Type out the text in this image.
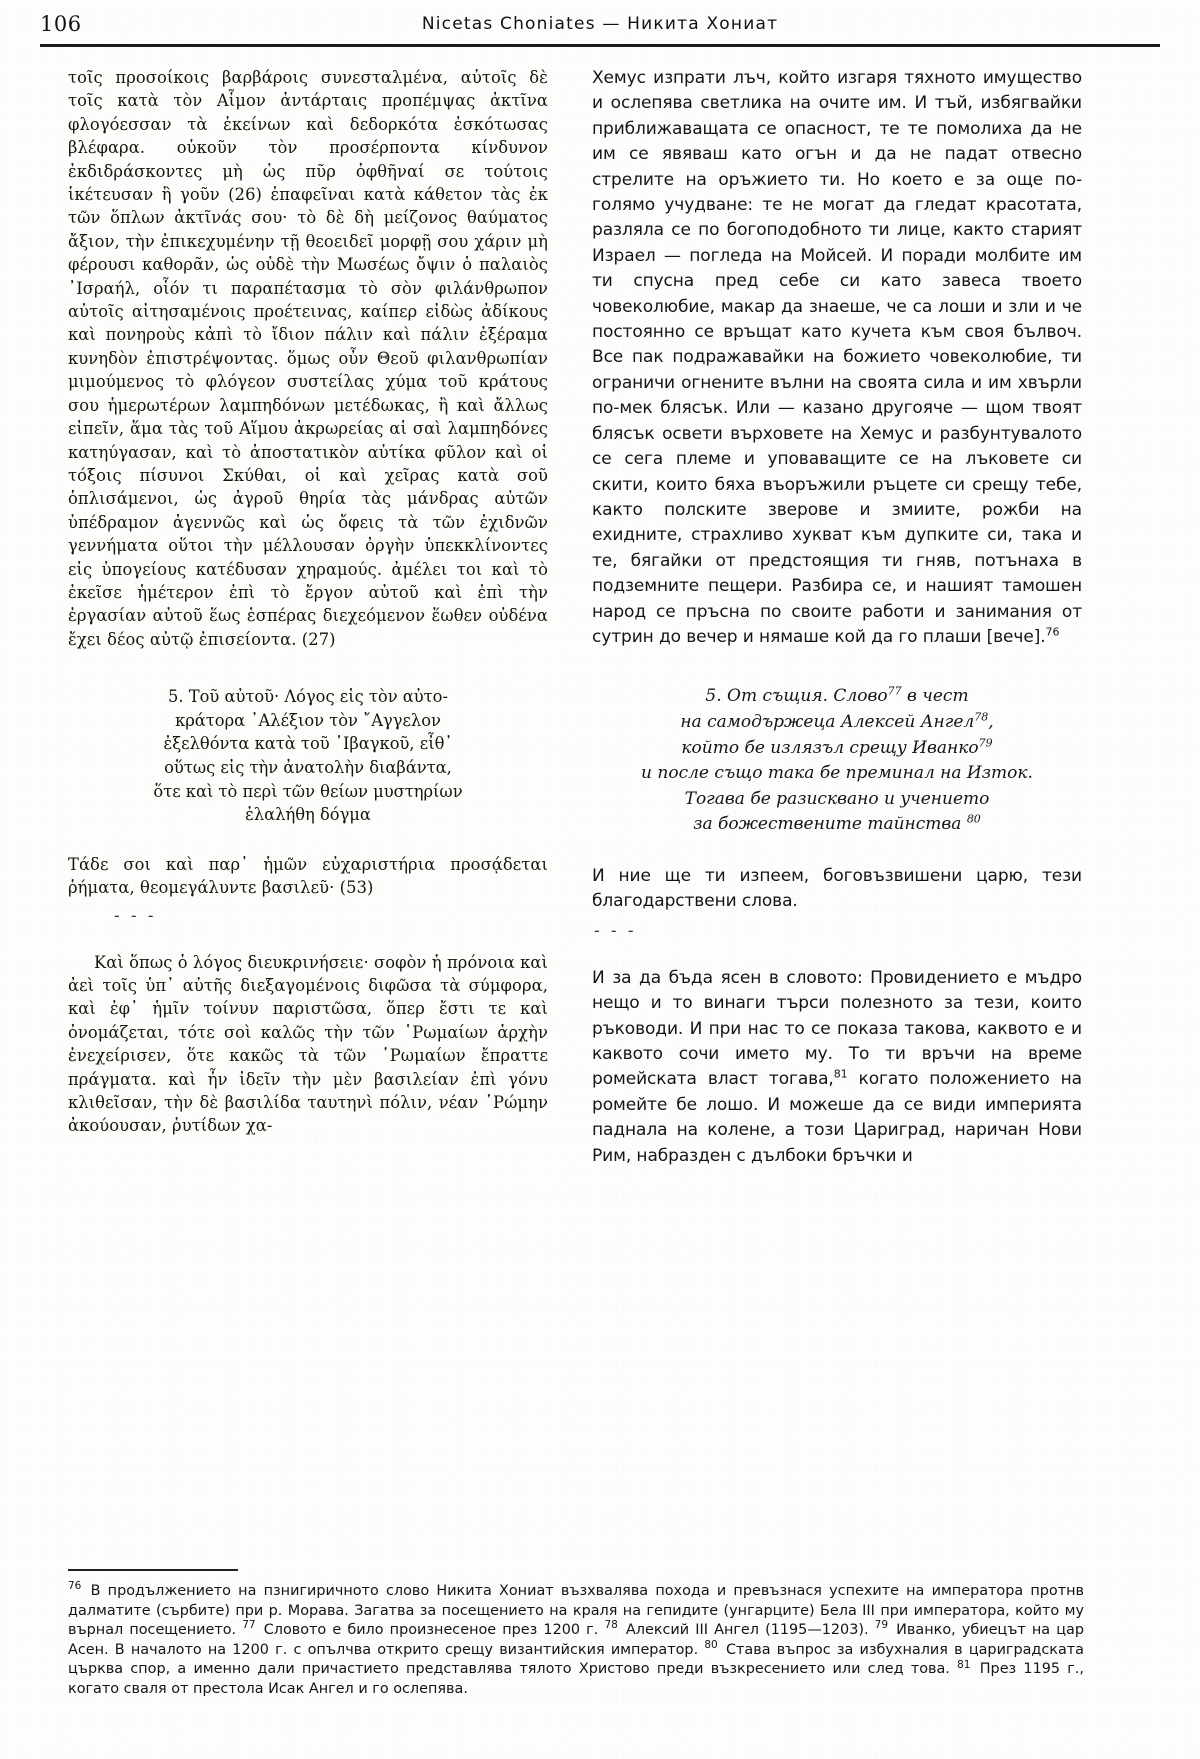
106	Nicetas Choniates — Никита Хониат

τοῖς προσοίκοις βαρβάροις συνεσταλμένα, αὐτοῖς δὲ τοῖς κατὰ τὸν Αἷμον ἀντάρταις προπέμψας ἀκτῖνα φλογόεσσαν τὰ ἐκείνων καὶ δεδορκότα ἐσκότωσας βλέφαρα. οὐκοῦν τὸν προσέρποντα κίνδυνον ἐκδιδράσκοντες μὴ ὡς πῦρ ὀφθῆναί σε τούτοις ἱκέτευσαν ἢ γοῦν (26) ἐπαφεῖναι κατὰ κάθετον τὰς ἐκ τῶν ὅπλων ἀκτῖνάς σου· τὸ δὲ δὴ μείζονος θαύματος ἄξιον, τὴν ἐπικεχυμένην τῇ θεοειδεῖ μορφῇ σου χάριν μὴ φέρουσι καθορᾶν, ὡς οὐδὲ τὴν Μωσέως ὄψιν ὁ παλαιὸς ᾿Ισραήλ, οἷόν τι παραπέτασμα τὸ σὸν φιλάνθρωπον αὐτοῖς αἰτησαμένοις προέτεινας, καίπερ εἰδὼς ἀδίκους καὶ πονηροὺς κἀπὶ τὸ ἴδιον πάλιν καὶ πάλιν ἐξέραμα κυνηδὸν ἐπιστρέψοντας. ὅμως οὖν Θεοῦ φιλανθρωπίαν μιμούμενος τὸ φλόγεον συστείλας χύμα τοῦ κράτους σου ἡμερωτέρων λαμπηδόνων μετέδωκας, ἢ καὶ ἄλλως εἰπεῖν, ἅμα τὰς τοῦ Αἵμου ἀκρωρείας αἱ σαὶ λαμπηδόνες κατηύγασαν, καὶ τὸ ἀποστατικὸν αὐτίκα φῦλον καὶ οἱ τόξοις πίσυνοι Σκύθαι, οἱ καὶ χεῖρας κατὰ σοῦ ὁπλισάμενοι, ὡς ἀγροῦ θηρία τὰς μάνδρας αὐτῶν ὑπέδραμον ἀγεννῶς καὶ ὡς ὄφεις τὰ τῶν ἐχιδνῶν γεννήματα οὕτοι τὴν μέλλουσαν ὀργὴν ὑπεκκλίνοντες εἰς ὑπογείους κατέδυσαν χηραμούς. ἀμέλει τοι καὶ τὸ ἐκεῖσε ἡμέτερον ἐπὶ τὸ ἔργον αὐτοῦ καὶ ἐπὶ τὴν ἐργασίαν αὐτοῦ ἕως ἑσπέρας διεχεόμενον ἕωθεν οὐδένα ἔχει δέος αὐτῷ ἐπισείοντα. (27)

5. Τοῦ αὐτοῦ· Λόγος εἰς τὸν αὐτο-
κράτορα ᾿Αλέξιον τὸν ῎Αγγελον
ἐξελθόντα κατὰ τοῦ ᾿Ιβαγκοῦ, εἶθ᾿
οὕτως εἰς τὴν ἀνατολὴν διαβάντα,
ὅτε καὶ τὸ περὶ τῶν θείων μυστηρίων
ἐλαλήθη δόγμα

Τάδε σοι καὶ παρ᾿ ἡμῶν εὐχαριστήρια προσᾴδεται ῥήματα, θεομεγάλυντε βασιλεῦ· (53)

- - -

Καὶ ὅπως ὁ λόγος διευκρινήσειε· σοφὸν ἡ πρόνοια καὶ ἀεὶ τοῖς ὑπ᾿ αὐτῆς διεξαγομένοις διφῶσα τὰ σύμφορα, καὶ ἐφ᾿ ἡμῖν τοίνυν παριστῶσα, ὅπερ ἔστι τε καὶ ὀνομάζεται, τότε σοὶ καλῶς τὴν τῶν ῾Ρωμαίων ἀρχὴν ἐνεχείρισεν, ὅτε κακῶς τὰ τῶν ῾Ρωμαίων ἔπραττε πράγματα. καὶ ἦν ἰδεῖν τὴν μὲν βασιλείαν ἐπὶ γόνυ κλιθεῖσαν, τὴν δὲ βασιλίδα ταυτηνὶ πόλιν, νέαν ῾Ρώμην ἀκούουσαν, ῥυτίδων χα-

Хемус изпрати лъч, който изгаря тяхното имущество и ослепява светлика на очите им. И тъй, избягвайки приближаващата се опасност, те те помолиха да не им се явяваш като огън и да не падат отвесно стрелите на оръжието ти. Но което е за още по-голямо учудване: те не могат да гледат красотата, разляла се по богоподобното ти лице, както старият Израел — погледа на Мойсей. И поради молбите им ти спусна пред себе си като завеса твоето човеколюбие, макар да знаеше, че са лоши и зли и че постоянно се връщат като кучета към своя бълвоч. Все пак подражавайки на божието човеколюбие, ти ограничи огнените вълни на своята сила и им хвърли по-мек блясък. Или — казано другояче — щом твоят блясък освети върховете на Хемус и разбунтувалото се сега племе и уповаващите се на лъковете си скити, които бяха въоръжили ръцете си срещу тебе, както полските зверове и змиите, рожби на ехидните, страхливо хукват към дупките си, така и те, бягайки от предстоящия ти гняв, потънаха в подземните пещери. Разбира се, и нашият тамошен народ се пръсна по своите работи и занимания от сутрин до вечер и нямаше кой да го плаши [вече].$^{76}$

5. От същия. Слово$^{77}$ в чест
на самодържеца Алексей Ангел$^{78}$,
който бе излязъл срещу Иванко$^{79}$
и после също така бе преминал на Изток.
Тогава бе разисквано и учението
за божествените тайнства $^{80}$

И ние ще ти изпеем, боговъзвишени царю, тези благодарствени слова.

- - -

И за да бъда ясен в словото: Провидението е мъдро нещо и то винаги търси полезното за тези, които ръководи. И при нас то се показа такова, каквото е и каквото сочи името му. То ти връчи на време ромейската власт тогава,$^{81}$ когато положението на ромейте бе лошо. И можеше да се види империята паднала на колене, а този Цариград, наричан Нови Рим, набразден с дълбоки бръчки и

$^{76}$ В продължението на пзнигиричното слово Никита Хониат възхвалява похода и превъзнася успехите на императора протнв далматите (сърбите) при р. Морава. Загатва за посещението на краля на гепидите (унгарците) Бела III при императора, който му върнал посещението. $^{77}$ Словото е било произнесеное през 1200 г. $^{78}$ Алексий III Ангел (1195—1203). $^{79}$ Иванко, убиецът на цар Асен. В началото на 1200 г. с опълчва открито срещу византийския император. $^{80}$ Става въпрос за избухналия в цариградската църква спор, а именно дали причастието представлява тялото Христово преди възкресението или след това. $^{81}$ През 1195 г., когато сваля от престола Исак Ангел и го ослепява.
